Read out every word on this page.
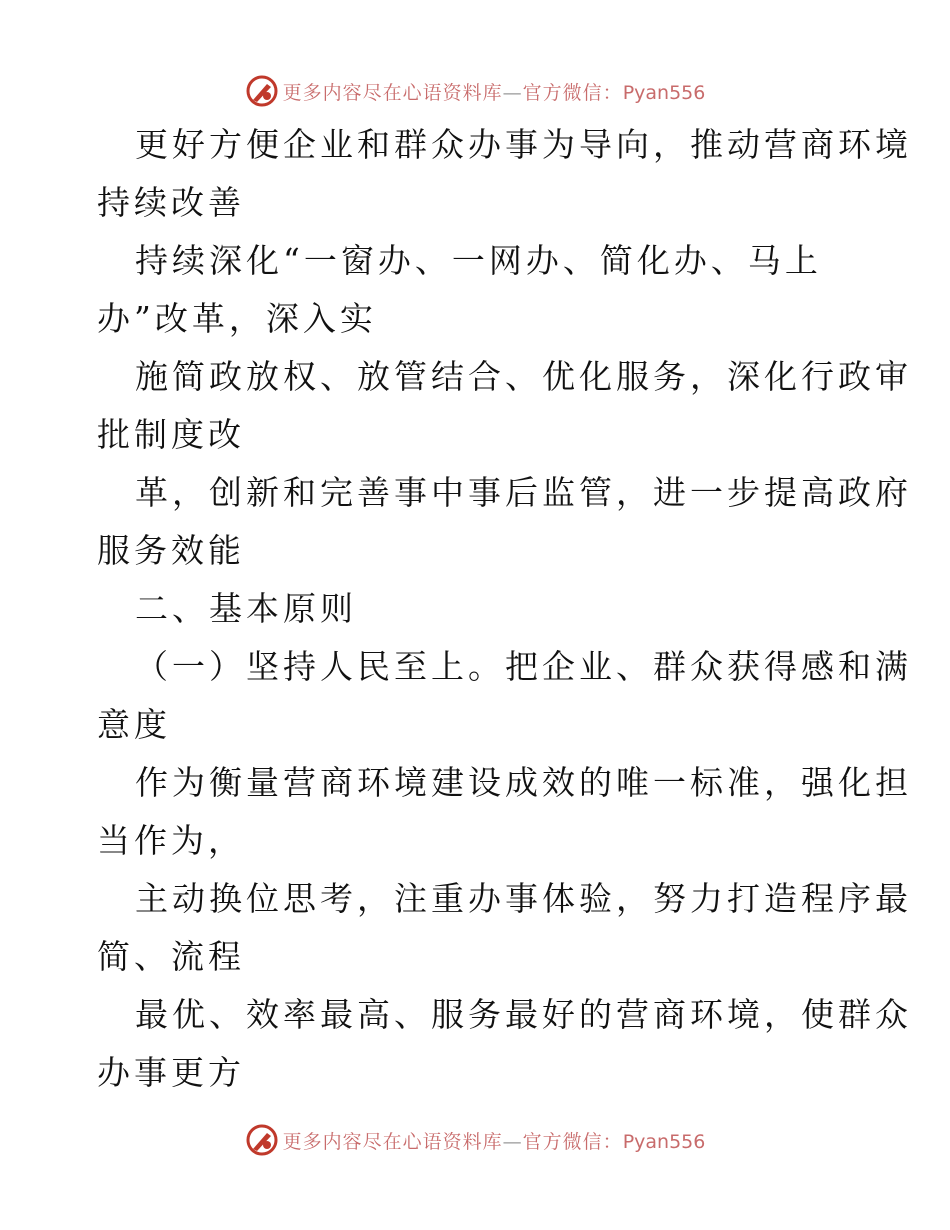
更多内容尽在心语资料库—官方微信：Pyan556
更好方便企业和群众办事为导向，推动营商环境
持续改善
持续深化“一窗办、一网办、简化办、马上
办”改革，深入实
施简政放权、放管结合、优化服务，深化行政审
批制度改
革，创新和完善事中事后监管，进一步提高政府
服务效能
二、基本原则
（一）坚持人民至上。把企业、群众获得感和满
意度
作为衡量营商环境建设成效的唯一标准，强化担
当作为，
主动换位思考，注重办事体验，努力打造程序最
简、流程
最优、效率最高、服务最好的营商环境，使群众
办事更方
更多内容尽在心语资料库—官方微信：Pyan556
